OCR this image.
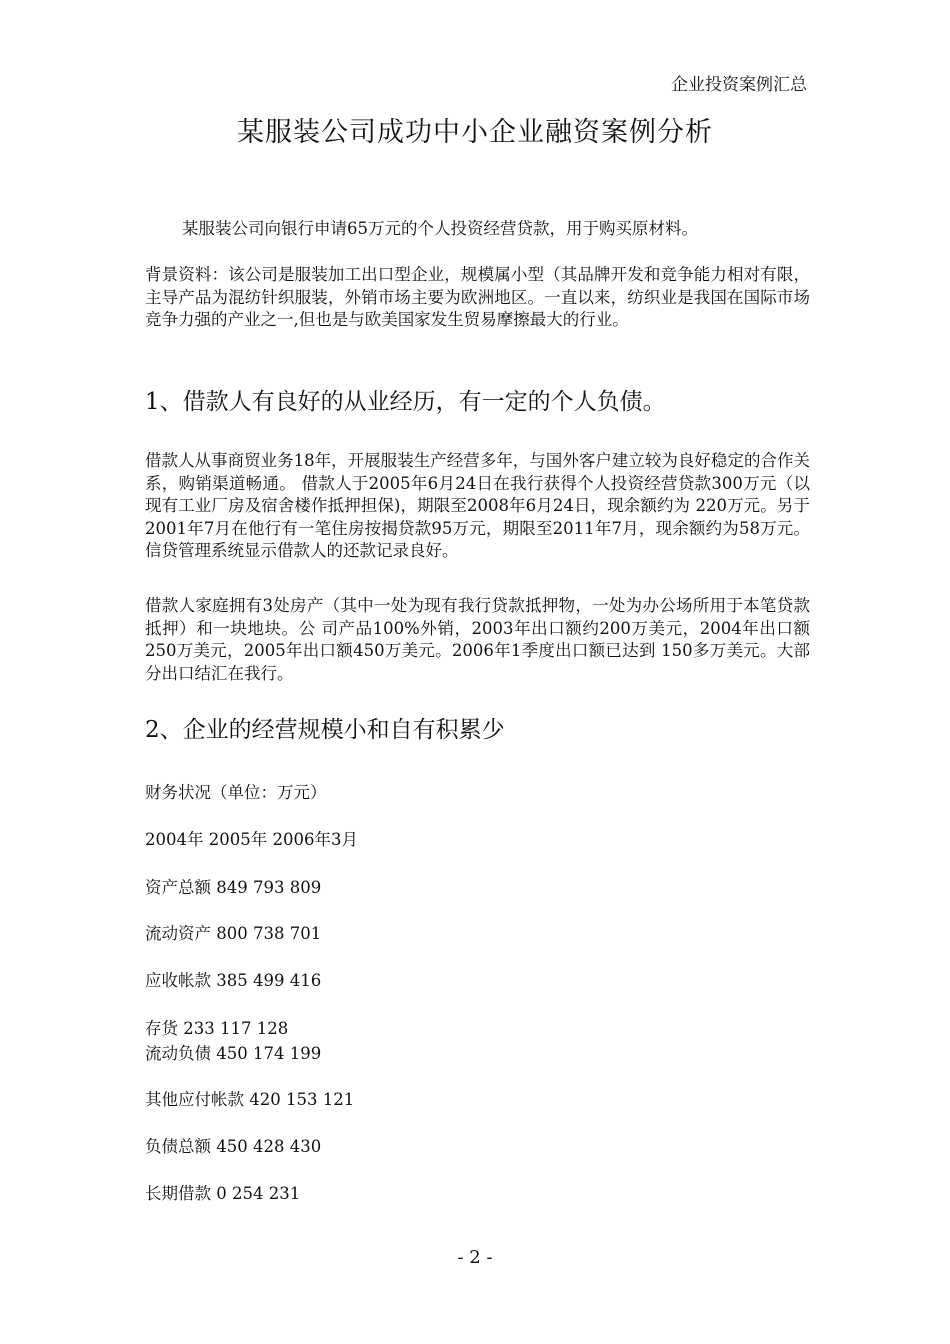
企业投资案例汇总
某服装公司成功中小企业融资案例分析

某服装公司向银行申请65万元的个人投资经营贷款，用于购买原材料。

背景资料：该公司是服装加工出口型企业，规模属小型（其品牌开发和竞争能力相对有限，主导产品为混纺针织服装，外销市场主要为欧洲地区。一直以来，纺织业是我国在国际市场竞争力强的产业之一,但也是与欧美国家发生贸易摩擦最大的行业。

1、借款人有良好的从业经历，有一定的个人负债。

借款人从事商贸业务18年，开展服装生产经营多年，与国外客户建立较为良好稳定的合作关系，购销渠道畅通。 借款人于2005年6月24日在我行获得个人投资经营贷款300万元（以现有工业厂房及宿舍楼作抵押担保)，期限至2008年6月24日，现余额约为 220万元。另于2001年7月在他行有一笔住房按揭贷款95万元，期限至2011年7月，现余额约为58万元。信贷管理系统显示借款人的还款记录良好。

借款人家庭拥有3处房产（其中一处为现有我行贷款抵押物，一处为办公场所用于本笔贷款抵押）和一块地块。公 司产品100%外销，2003年出口额约200万美元，2004年出口额250万美元，2005年出口额450万美元。2006年1季度出口额已达到 150多万美元。大部分出口结汇在我行。

2、企业的经营规模小和自有积累少

财务状况（单位：万元）

2004年 2005年 2006年3月

资产总额 849 793 809

流动资产 800 738 701

应收帐款 385 499 416

存货 233 117 128

流动负债 450 174 199

其他应付帐款 420 153 121

负债总额 450 428 430

长期借款 0 254 231

- 2 -
